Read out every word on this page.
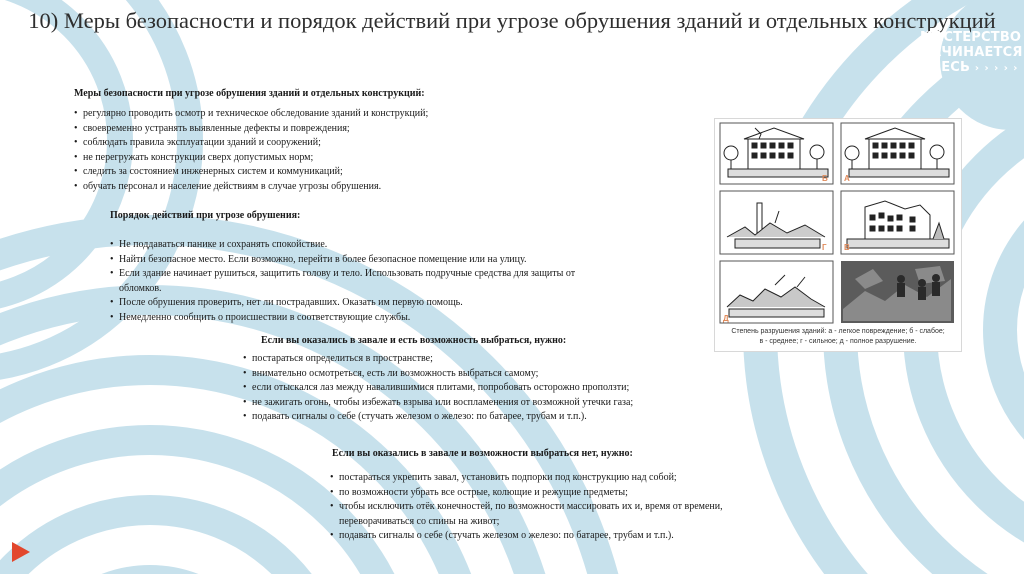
10) Меры безопасности и порядок действий при угрозе обрушения зданий и отдельных конструкций
МАСТЕРСТВО
НАЧИНАЕТСЯ
ЗДЕСЬ › › › › ›
Меры безопасности при угрозе обрушения зданий и отдельных конструкций:
• регулярно проводить осмотр и техническое обследование зданий и конструкций;
• своевременно устранять выявленные дефекты и повреждения;
• соблюдать правила эксплуатации зданий и сооружений;
• не перегружать конструкции сверх допустимых норм;
• следить за состоянием инженерных систем и коммуникаций;
• обучать персонал и население действиям в случае угрозы обрушения.
Порядок действий при угрозе обрушения:
• Не поддаваться панике и сохранять спокойствие.
• Найти безопасное место. Если возможно, перейти в более безопасное помещение или на улицу.
• Если здание начинает рушиться, защитить голову и тело. Использовать подручные средства для защиты от обломков.
• После обрушения проверить, нет ли пострадавших. Оказать им первую помощь.
• Немедленно сообщить о происшествии в соответствующие службы.
Если вы оказались в завале и есть возможность выбраться, нужно:
• постараться определиться в пространстве;
• внимательно осмотреться, есть ли возможность выбраться самому;
• если отыскался лаз между навалившимися плитами, попробовать осторожно проползти;
• не зажигать огонь, чтобы избежать взрыва или воспламенения от возможной утечки газа;
• подавать сигналы о себе (стучать железом о железо: по батарее, трубам и т.п.).
Если вы оказались в завале и возможности выбраться нет, нужно:
• постараться укрепить завал, установить подпорки под конструкцию над собой;
• по возможности убрать все острые, колющие и режущие предметы;
• чтобы исключить отёк конечностей, по возможности массировать их и, время от времени, переворачиваться со спины на живот;
• подавать сигналы о себе (стучать железом о железо: по батарее, трубам и т.п.).
Б А
Г В
Д
Степень разрушения зданий: а - легкое повреждение; б - слабое;
в - среднее; г - сильное; д - полное разрушение.
